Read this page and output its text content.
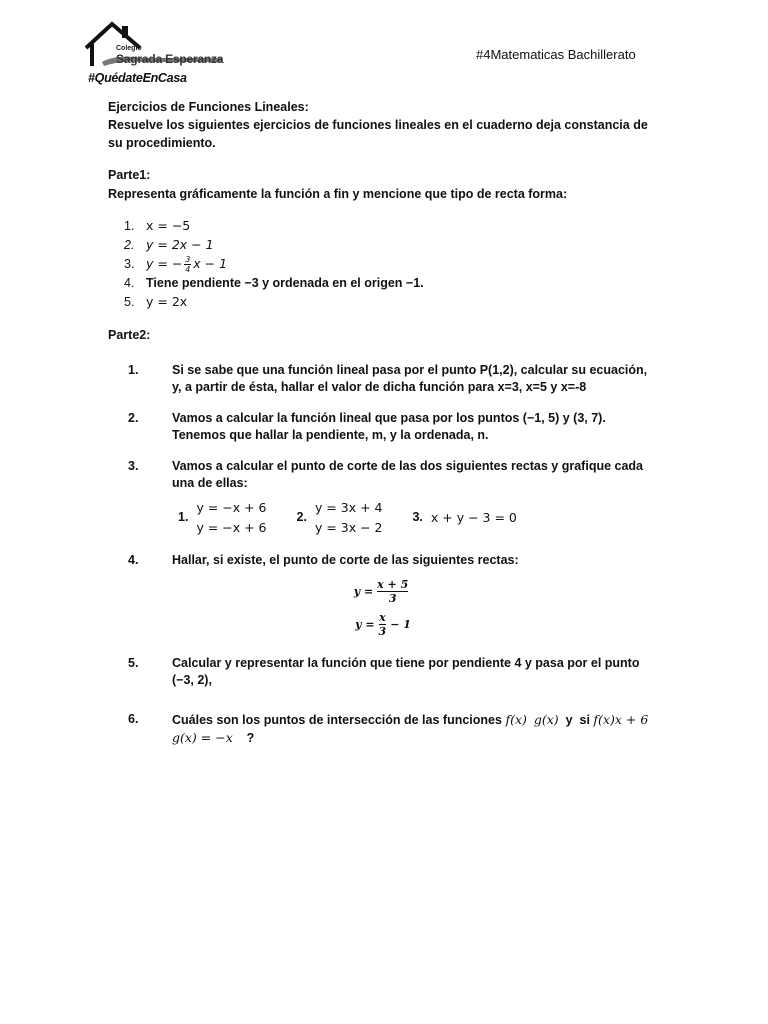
Colegio
Sagrada Esperanza
#QuédateEnCasa
#4Matematicas Bachillerato

Ejercicios de Funciones Lineales:

Resuelve los siguientes ejercicios de funciones lineales en el cuaderno deja constancia de su procedimiento.

Parte1:

Representa gráficamente la función a fin y mencione que tipo de recta forma:

1. x = −5
2. y = 2x − 1
3. y = − $\frac{3}{4}$ x − 1
4. Tiene pendiente −3 y ordenada en el origen −1.
5. y = 2x

Parte2:

1.	Si se sabe que una función lineal pasa por el punto P(1,2), calcular su ecuación, y, a partir de ésta, hallar el valor de dicha función para x=3, x=5 y x=-8
2.	Vamos a calcular la función lineal que pasa por los puntos (−1, 5) y (3, 7). Tenemos que hallar la pendiente, m, y la ordenada, n.
3.	Vamos a calcular el punto de corte de las dos siguientes rectas y grafique cada una de ellas:
1.
y = −x + 6
y = −x + 6
2.
y = 3x + 4
y = 3x − 2
3. x + y − 3 = 0
4.	Hallar, si existe, el punto de corte de las siguientes rectas:
y =
x + 5
3
y =
x
3
− 1
5.	Calcular y representar la función que tiene por pendiente 4 y pasa por el punto (−3, 2),
6.	Cuáles son los puntos de intersección de las funciones f(x) g(x) y si f(x)x + 6
g(x) = −x ?
